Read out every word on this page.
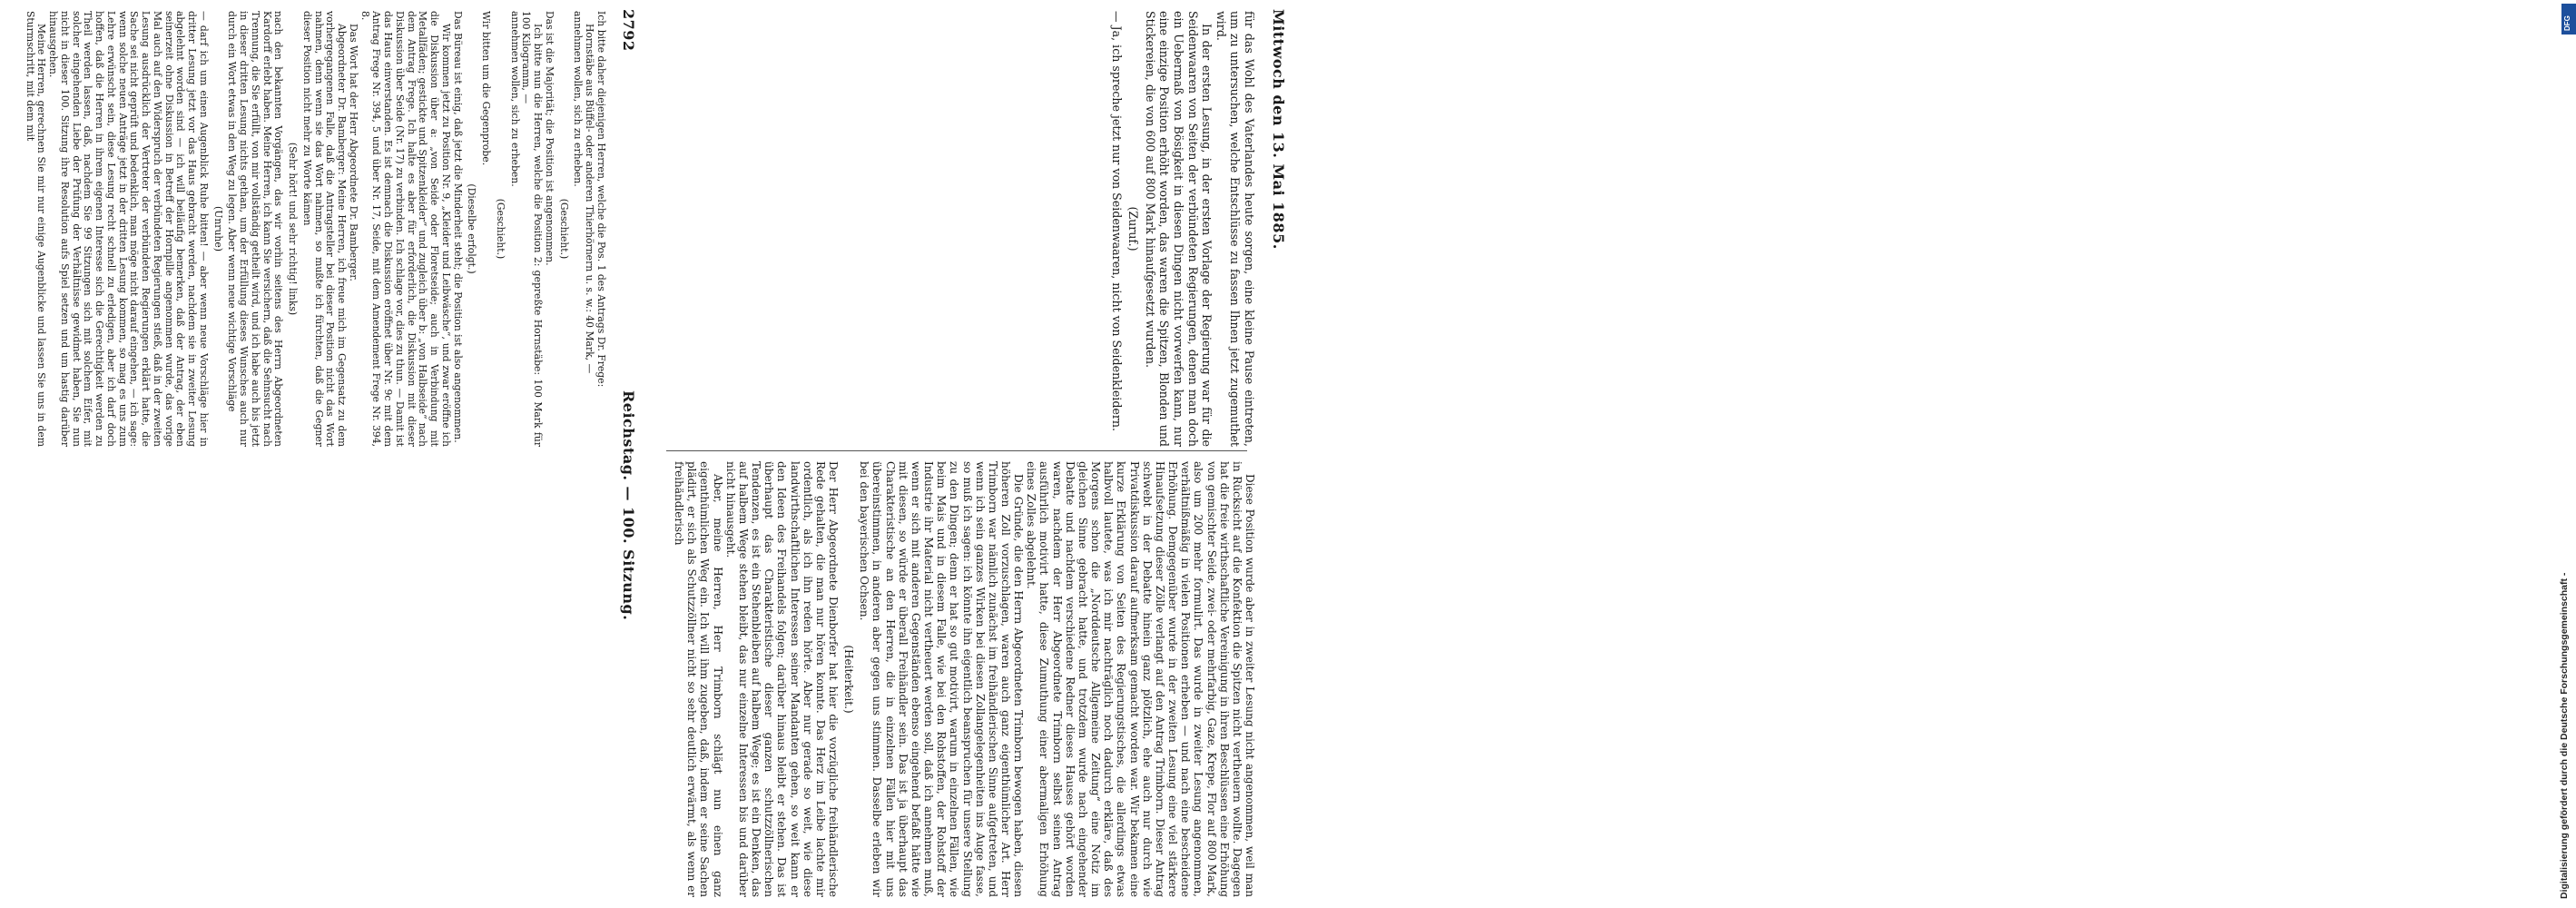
2792
Reichstag. — 100. Sitzung.

Ich bitte daher diejenigen Herren, welche die Pos. 1 des Antrags Dr. Frege:

Hornstäbe aus Büffel- oder anderen Thierhörnern u. s. w.: 40 Mark, —

annehmen wollen, sich zu erheben.

(Geschieht.)

Das ist die Majorität; die Position ist angenommen.

Ich bitte nun die Herren, welche die Position 2: gepreßte Hornstäbe: 100 Mark für 100 Kilogramm, —

annehmen wollen, sich zu erheben.

(Geschieht.)

Wir bitten um die Gegenprobe.

(Dieselbe erfolgt.)

Das Büreau ist einig, daß jetzt die Minderheit steht; die Position ist also angenommen.

Wir kommen jetzt zu Position Nr. 9, „Kleider und Leibwäsche“, und zwar eröffne ich die Diskussion über a: „von Seide oder Floretseide; auch in Verbindung mit Metallfäden; gestickte und Spitzenkleider“ und zugleich über b: „von Halbseide“ nach dem Antrag Frege. Ich halte es aber für erforderlich, die Diskussion mit dieser Diskussion über Seide (Nr. 17) zu verbinden. Ich schlage vor, dies zu thun. — Damit ist das Haus einverstanden. Es ist demnach die Diskussion eröffnet über Nr. 9c mit dem Antrag Frege Nr. 394, 5 und über Nr. 17, Seide, mit dem Amendement Frege Nr. 394, 8.

Das Wort hat der Herr Abgeordnete Dr. Bamberger.

Abgeordneter Dr. Bamberger: Meine Herren, ich freue mich im Gegensatz zu dem vorhergegangenen Falle, daß die Antragsteller bei dieser Position nicht das Wort nahmen, denn wenn sie das Wort nahmen, so mußte ich fürchten, daß die Gegner dieser Position nicht mehr zu Worte kämen

(Sehr hört! und sehr richtig! links)

nach den bekannten Vorgängen, das wir vorhin seitens des Herrn Abgeordneten Kardorff erlebt haben. Meine Herren, ich kann Sie versichern, daß die Sehnsucht nach Trennung, die Sie erfüllt, von mir vollständig getheilt wird, und ich habe auch bis jetzt in dieser dritten Lesung nichts gethan, um der Erfüllung dieses Wunsches auch nur durch ein Wort etwas in den Weg zu legen. Aber wenn neue wichtige Vorschläge

(Unruhe)

— darf ich um einen Augenblick Ruhe bitten! — aber wenn neue Vorschläge hier in dritter Lesung jetzt vor das Haus gebracht werden, nachdem sie in zweiter Lesung abgelehnt worden sind — ich will beiläufig bemerken, daß der Antrag, der eben seinerzeit ohne Diskussion in Betreff der Hornpille angenommen wurde, das vorige Mal auch auf den Widerspruch der verbündeten Regierungen stieß, daß in der zweiten Lesung ausdrücklich der Vertreter der verbündeten Regierungen erklärt hatte, die Sache sei nicht geprüft und bedenklich, man möge nicht darauf eingehen, — ich sage: wenn solche neuen Anträge jetzt in der dritten Lesung kommen, so mag es uns zum Lehre erwünscht sein, diese Lesung recht schnell zu erledigen, aber ich darf doch hoffen, daß die Herren in ihrem eigenen Interesse sich die Gerechtigkeit werden zu Theil werden lassen, daß, nachdem Sie 99 Sitzungen sich mit solchem Eifer, mit solcher eingehenden Liebe der Prüfung der Verhältnisse gewidmet haben, Sie nun nicht in dieser 100. Sitzung ihre Resolution aufs Spiel setzen und um hastig darüber hinausgehen.

Meine Herren, gerechnen Sie mir nur einige Augenblicke und lassen Sie uns in dem Sturmschritt, mit dem mit	Mittwoch den 13. Mai 1885.

für das Wohl des Vaterlandes heute sorgen, eine kleine Pause eintreten, um zu untersuchen, welche Entschlüsse zu fassen Ihnen jetzt zugemuthet wird.

In der ersten Lesung, in der ersten Vorlage der Regierung war für die Seidenwaaren von Seiten der verbündeten Regierungen, denen man doch ein Uebermaß von Bösigkeit in diesen Dingen nicht vorwerfen kann, nur eine einzige Position erhöht worden, das waren die Spitzen, Blonden und Stickereien, die von 600 auf 800 Mark hinaufgesetzt wurden.

(Zuruf.)

— Ja, ich spreche jetzt nur von Seidenwaaren, nicht von Seidenkleidern.

Diese Position wurde aber in zweiter Lesung nicht angenommen, weil man in Rücksicht auf die Konfektion die Spitzen nicht vertheuern wollte. Dagegen hat die freie wirthschaftliche Vereinigung in ihren Beschlüssen eine Erhöhung von gemischter Seide, zwei- oder mehrfarbig, Gaze, Krepe, Flor auf 800 Mark, also um 200 mehr formulirt. Das wurde in zweiter Lesung angenommen, verhältnißmäßig in vielen Positionen erheben — und nach eine bescheidene Erhöhung. Demgegenüber wurde in der zweiten Lesung eine viel stärkere Hinaufsetzung dieser Zölle verlangt auf den Antrag Trimborn. Dieser Antrag schwebt in der Debatte hinein ganz plötzlich, ehe auch nur durch wie Privatdiskussion darauf aufmerksam gemacht worden war. Wir bekamen eine kurze Erklärung von Seiten des Regierungstisches, die allerdings etwas halbvoll lautete, was ich mir nachträglich noch dadurch erkläre, daß des Morgens schon die „Norddeutsche Allgemeine Zeitung“ eine Notiz im gleichen Sinne gebracht hatte, und trotzdem wurde nach eingehender Debatte und nachdem verschiedene Redner dieses Hauses gehört worden waren, nachdem der Herr Abgeordnete Trimborn selbst seinen Antrag ausführlich motivirt hatte, diese Zumuthung einer abermaligen Erhöhung eines Zolles abgelehnt.

Die Gründe, die den Herrn Abgeordneten Trimborn bewogen haben, diesen höheren Zoll vorzuschlagen, waren auch ganz eigenthümlicher Art. Herr Trimborn war nämlich zunächst im freihändlerischen Sinne aufgetreten, und wenn ich sein ganzes Wirken bei diesen Zollangelegenheiten ins Auge fasse, so muß ich sagen: ich könnte ihn eigentlich beanspruchen für unsere Stellung zu den Dingen; denn er hat so gut motivirt, warum in einzelnen Fällen, wie beim Mais und in diesem Falle, wie bei den Rohstoffen, der Rohstoff der Industrie ihr Material nicht vertheuert werden soll, daß ich annehmen muß, wenn er sich mit anderen Gegenständen ebenso eingehend befaßt hätte wie mit diesen, so würde er überall Freihändler sein. Das ist ja überhaupt das Charakteristische an den Herren, die in einzelnen Fällen hier mit uns übereinstimmen, in anderen aber gegen uns stimmen. Dasselbe erleben wir bei den bayerischen Ochsen.

(Heiterkeit.)

Der Herr Abgeordnete Dienborfer hat hier die vorzügliche freihändlerische Rede gehalten, die man nur hören konnte. Das Herz im Leibe lachte mir ordentlich, als ich ihn reden hörte. Aber nur gerade so weit, wie diese landwirthschaftlichen Interessen seiner Mandanten gehen, so weit kann er den Ideen des Freihandels folgen; darüber hinaus bleibt er stehen. Das ist überhaupt das Charakteristische dieser ganzen schutzzöllnerischen Tendenzen, es ist ein Stehenbleiben auf halbem Wege; es ist ein Denken, das auf halbem Wege stehen bleibt, das nur einzelne Interessen bis und darüber nicht hinausgeht.

Aber, meine Herren, Herr Trimborn schlägt nun einen ganz eigenthümlichen Weg ein. Ich will ihm zugeben, daß, indem er seine Sachen plädirt, er sich als Schutzzöllner nicht so sehr deutlich erwärmt, als wenn er freihändlerisch

Digitalisierung gefördert durch die Deutsche Forschungsgemeinschaft -
DFG
